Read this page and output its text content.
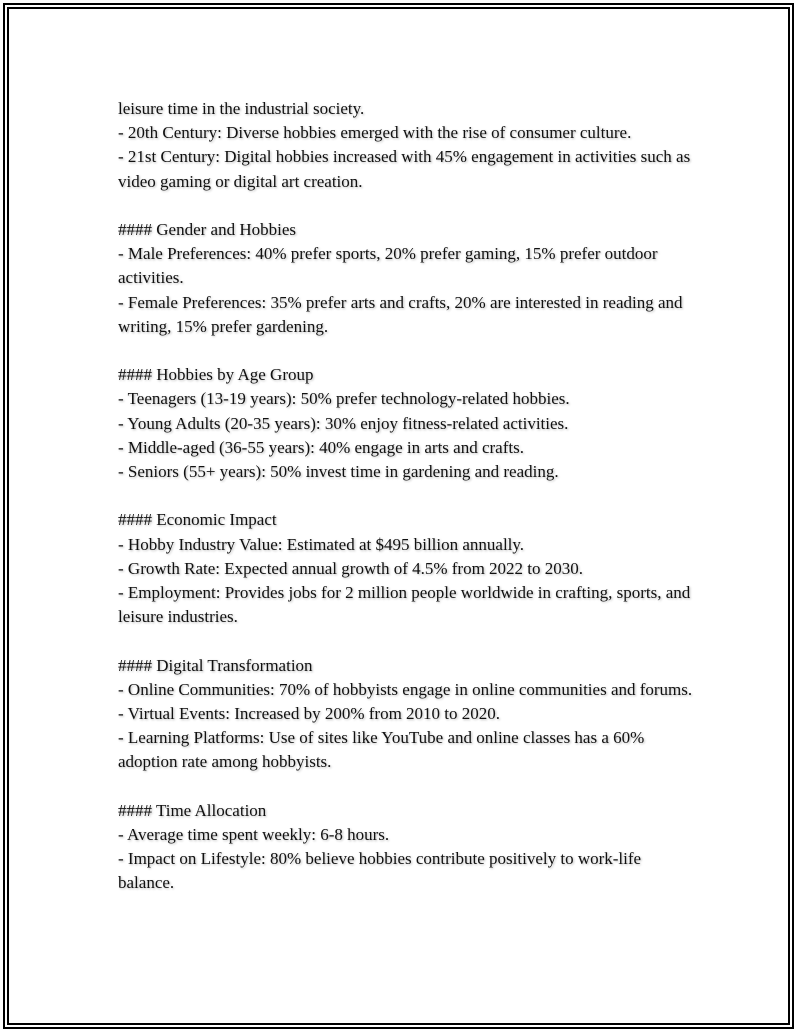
leisure time in the industrial society.
- 20th Century: Diverse hobbies emerged with the rise of consumer culture.
- 21st Century: Digital hobbies increased with 45% engagement in activities such as video gaming or digital art creation.
#### Gender and Hobbies
- Male Preferences: 40% prefer sports, 20% prefer gaming, 15% prefer outdoor activities.
- Female Preferences: 35% prefer arts and crafts, 20% are interested in reading and writing, 15% prefer gardening.
#### Hobbies by Age Group
- Teenagers (13-19 years): 50% prefer technology-related hobbies.
- Young Adults (20-35 years): 30% enjoy fitness-related activities.
- Middle-aged (36-55 years): 40% engage in arts and crafts.
- Seniors (55+ years): 50% invest time in gardening and reading.
#### Economic Impact
- Hobby Industry Value: Estimated at $495 billion annually.
- Growth Rate: Expected annual growth of 4.5% from 2022 to 2030.
- Employment: Provides jobs for 2 million people worldwide in crafting, sports, and leisure industries.
#### Digital Transformation
- Online Communities: 70% of hobbyists engage in online communities and forums.
- Virtual Events: Increased by 200% from 2010 to 2020.
- Learning Platforms: Use of sites like YouTube and online classes has a 60% adoption rate among hobbyists.
#### Time Allocation
- Average time spent weekly: 6-8 hours.
- Impact on Lifestyle: 80% believe hobbies contribute positively to work-life balance.
